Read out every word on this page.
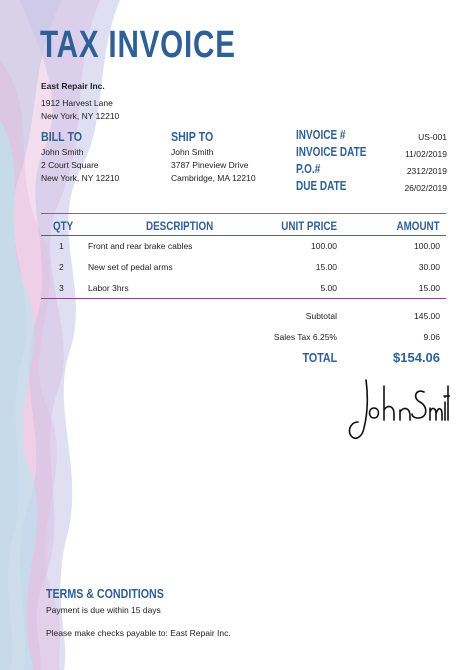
TAX INVOICE
East Repair Inc.
1912 Harvest Lane
New York, NY 12210
BILL TO
John Smith
2 Court Square
New York, NY 12210
SHIP TO
John Smith
3787 Pineview Drive
Cambridge, MA 12210
INVOICE #	US-001
INVOICE DATE	11/02/2019
P.O.#	2312/2019
DUE DATE	26/02/2019
QTY	DESCRIPTION	UNIT PRICE	AMOUNT
1	Front and rear brake cables	100.00	100.00
2	New set of pedal arms	15.00	30.00
3	Labor 3hrs	5.00	15.00
Subtotal	145.00
Sales Tax 6.25%	9.06
TOTAL	$154.06
TERMS & CONDITIONS
Payment is due within 15 days
Please make checks payable to: East Repair Inc.
